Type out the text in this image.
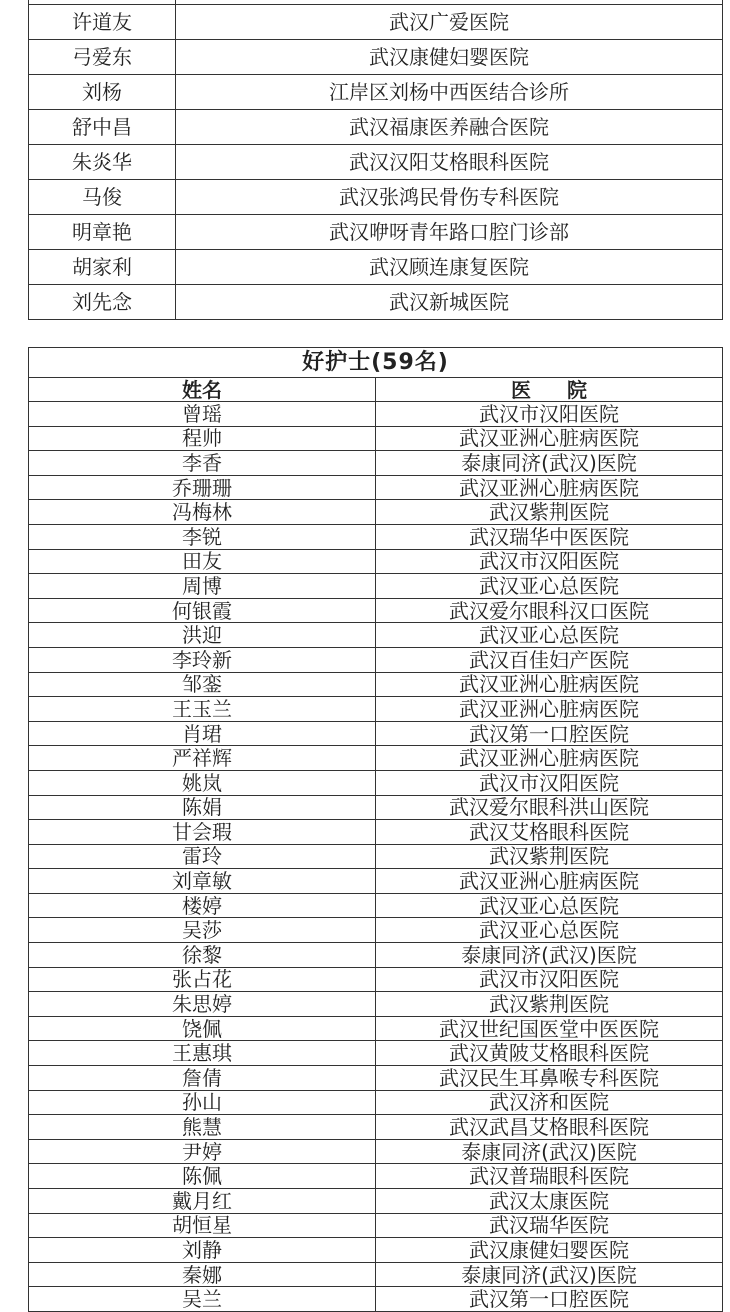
许道友	武汉广爱医院
弓爱东	武汉康健妇婴医院
刘杨	江岸区刘杨中西医结合诊所
舒中昌	武汉福康医养融合医院
朱炎华	武汉汉阳艾格眼科医院
马俊	武汉张鸿民骨伤专科医院
明章艳	武汉咿呀青年路口腔门诊部
胡家利	武汉顾连康复医院
刘先念	武汉新城医院
好护士(59名)	
姓名	医院
曾瑶	武汉市汉阳医院
程帅	武汉亚洲心脏病医院
李香	泰康同济(武汉)医院
乔珊珊	武汉亚洲心脏病医院
冯梅林	武汉紫荆医院
李锐	武汉瑞华中医医院
田友	武汉市汉阳医院
周博	武汉亚心总医院
何银霞	武汉爱尔眼科汉口医院
洪迎	武汉亚心总医院
李玲新	武汉百佳妇产医院
邹銮	武汉亚洲心脏病医院
王玉兰	武汉亚洲心脏病医院
肖珺	武汉第一口腔医院
严祥辉	武汉亚洲心脏病医院
姚岚	武汉市汉阳医院
陈娟	武汉爱尔眼科洪山医院
甘会瑕	武汉艾格眼科医院
雷玲	武汉紫荆医院
刘章敏	武汉亚洲心脏病医院
楼婷	武汉亚心总医院
吴莎	武汉亚心总医院
徐黎	泰康同济(武汉)医院
张占花	武汉市汉阳医院
朱思婷	武汉紫荆医院
饶佩	武汉世纪国医堂中医医院
王惠琪	武汉黄陂艾格眼科医院
詹倩	武汉民生耳鼻喉专科医院
孙山	武汉济和医院
熊慧	武汉武昌艾格眼科医院
尹婷	泰康同济(武汉)医院
陈佩	武汉普瑞眼科医院
戴月红	武汉太康医院
胡恒星	武汉瑞华医院
刘静	武汉康健妇婴医院
秦娜	泰康同济(武汉)医院
吴兰	武汉第一口腔医院
